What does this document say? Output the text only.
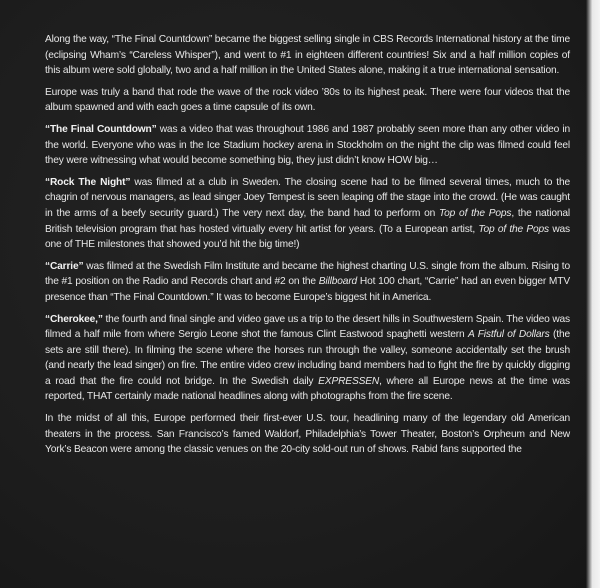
Along the way, “The Final Countdown” became the biggest selling single in CBS Records International history at the time (eclipsing Wham’s “Careless Whisper”), and went to #1 in eighteen different countries! Six and a half million copies of this album were sold globally, two and a half million in the United States alone, making it a true international sensation.

Europe was truly a band that rode the wave of the rock video ’80s to its highest peak. There were four videos that the album spawned and with each goes a time capsule of its own.

“The Final Countdown” was a video that was throughout 1986 and 1987 probably seen more than any other video in the world. Everyone who was in the Ice Stadium hockey arena in Stockholm on the night the clip was filmed could feel they were witnessing what would become something big, they just didn’t know HOW big…

“Rock The Night” was filmed at a club in Sweden. The closing scene had to be filmed several times, much to the chagrin of nervous managers, as lead singer Joey Tempest is seen leaping off the stage into the crowd. (He was caught in the arms of a beefy security guard.) The very next day, the band had to perform on Top of the Pops, the national British television program that has hosted virtually every hit artist for years. (To a European artist, Top of the Pops was one of THE milestones that showed you’d hit the big time!)

“Carrie” was filmed at the Swedish Film Institute and became the highest charting U.S. single from the album. Rising to the #1 position on the Radio and Records chart and #2 on the Billboard Hot 100 chart, “Carrie” had an even bigger MTV presence than “The Final Countdown.” It was to become Europe’s biggest hit in America.

“Cherokee,” the fourth and final single and video gave us a trip to the desert hills in Southwestern Spain. The video was filmed a half mile from where Sergio Leone shot the famous Clint Eastwood spaghetti western A Fistful of Dollars (the sets are still there). In filming the scene where the horses run through the valley, someone accidentally set the brush (and nearly the lead singer) on fire. The entire video crew including band members had to fight the fire by quickly digging a road that the fire could not bridge. In the Swedish daily EXPRESSEN, where all Europe news at the time was reported, THAT certainly made national headlines along with photographs from the fire scene.

In the midst of all this, Europe performed their first-ever U.S. tour, headlining many of the legendary old American theaters in the process. San Francisco’s famed Waldorf, Philadelphia’s Tower Theater, Boston’s Orpheum and New York’s Beacon were among the classic venues on the 20-city sold-out run of shows. Rabid fans supported the
